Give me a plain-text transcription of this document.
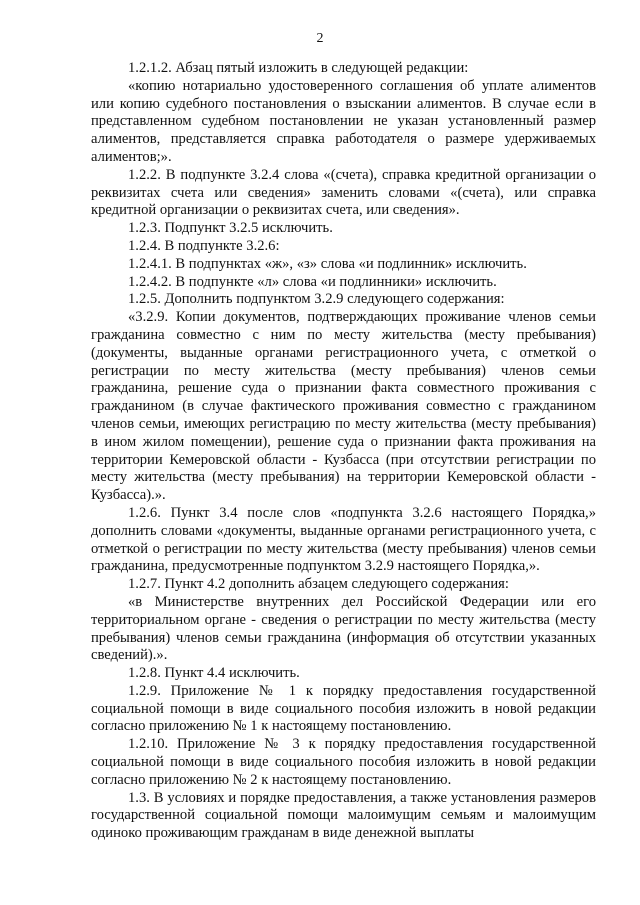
2

1.2.1.2. Абзац пятый изложить в следующей редакции:

«копию нотариально удостоверенного соглашения об уплате алиментов или копию судебного постановления о взыскании алиментов. В случае если в представленном судебном постановлении не указан установленный размер алиментов, представляется справка работодателя о размере удерживаемых алиментов;».

1.2.2. В подпункте 3.2.4 слова «(счета), справка кредитной организации о реквизитах счета или сведения» заменить словами «(счета), или справка кредитной организации о реквизитах счета, или сведения».

1.2.3. Подпункт 3.2.5 исключить.

1.2.4. В подпункте 3.2.6:

1.2.4.1. В подпунктах «ж», «з» слова «и подлинник» исключить.

1.2.4.2. В подпункте «л» слова «и подлинники» исключить.

1.2.5. Дополнить подпунктом 3.2.9 следующего содержания:

«3.2.9. Копии документов, подтверждающих проживание членов семьи гражданина совместно с ним по месту жительства (месту пребывания) (документы, выданные органами регистрационного учета, с отметкой о регистрации по месту жительства (месту пребывания) членов семьи гражданина, решение суда о признании факта совместного проживания с гражданином (в случае фактического проживания совместно с гражданином членов семьи, имеющих регистрацию по месту жительства (месту пребывания) в ином жилом помещении), решение суда о признании факта проживания на территории Кемеровской области - Кузбасса (при отсутствии регистрации по месту жительства (месту пребывания) на территории Кемеровской области - Кузбасса).».

1.2.6. Пункт 3.4 после слов «подпункта 3.2.6 настоящего Порядка,» дополнить словами «документы, выданные органами регистрационного учета, с отметкой о регистрации по месту жительства (месту пребывания) членов семьи гражданина, предусмотренные подпунктом 3.2.9 настоящего Порядка,».

1.2.7. Пункт 4.2 дополнить абзацем следующего содержания:

«в Министерстве внутренних дел Российской Федерации или его территориальном органе - сведения о регистрации по месту жительства (месту пребывания) членов семьи гражданина (информация об отсутствии указанных сведений).».

1.2.8. Пункт 4.4 исключить.

1.2.9. Приложение № 1 к порядку предоставления государственной социальной помощи в виде социального пособия изложить в новой редакции согласно приложению № 1 к настоящему постановлению.

1.2.10. Приложение № 3 к порядку предоставления государственной социальной помощи в виде социального пособия изложить в новой редакции согласно приложению № 2 к настоящему постановлению.

1.3. В условиях и порядке предоставления, а также установления размеров государственной социальной помощи малоимущим семьям и малоимущим одиноко проживающим гражданам в виде денежной выплаты
